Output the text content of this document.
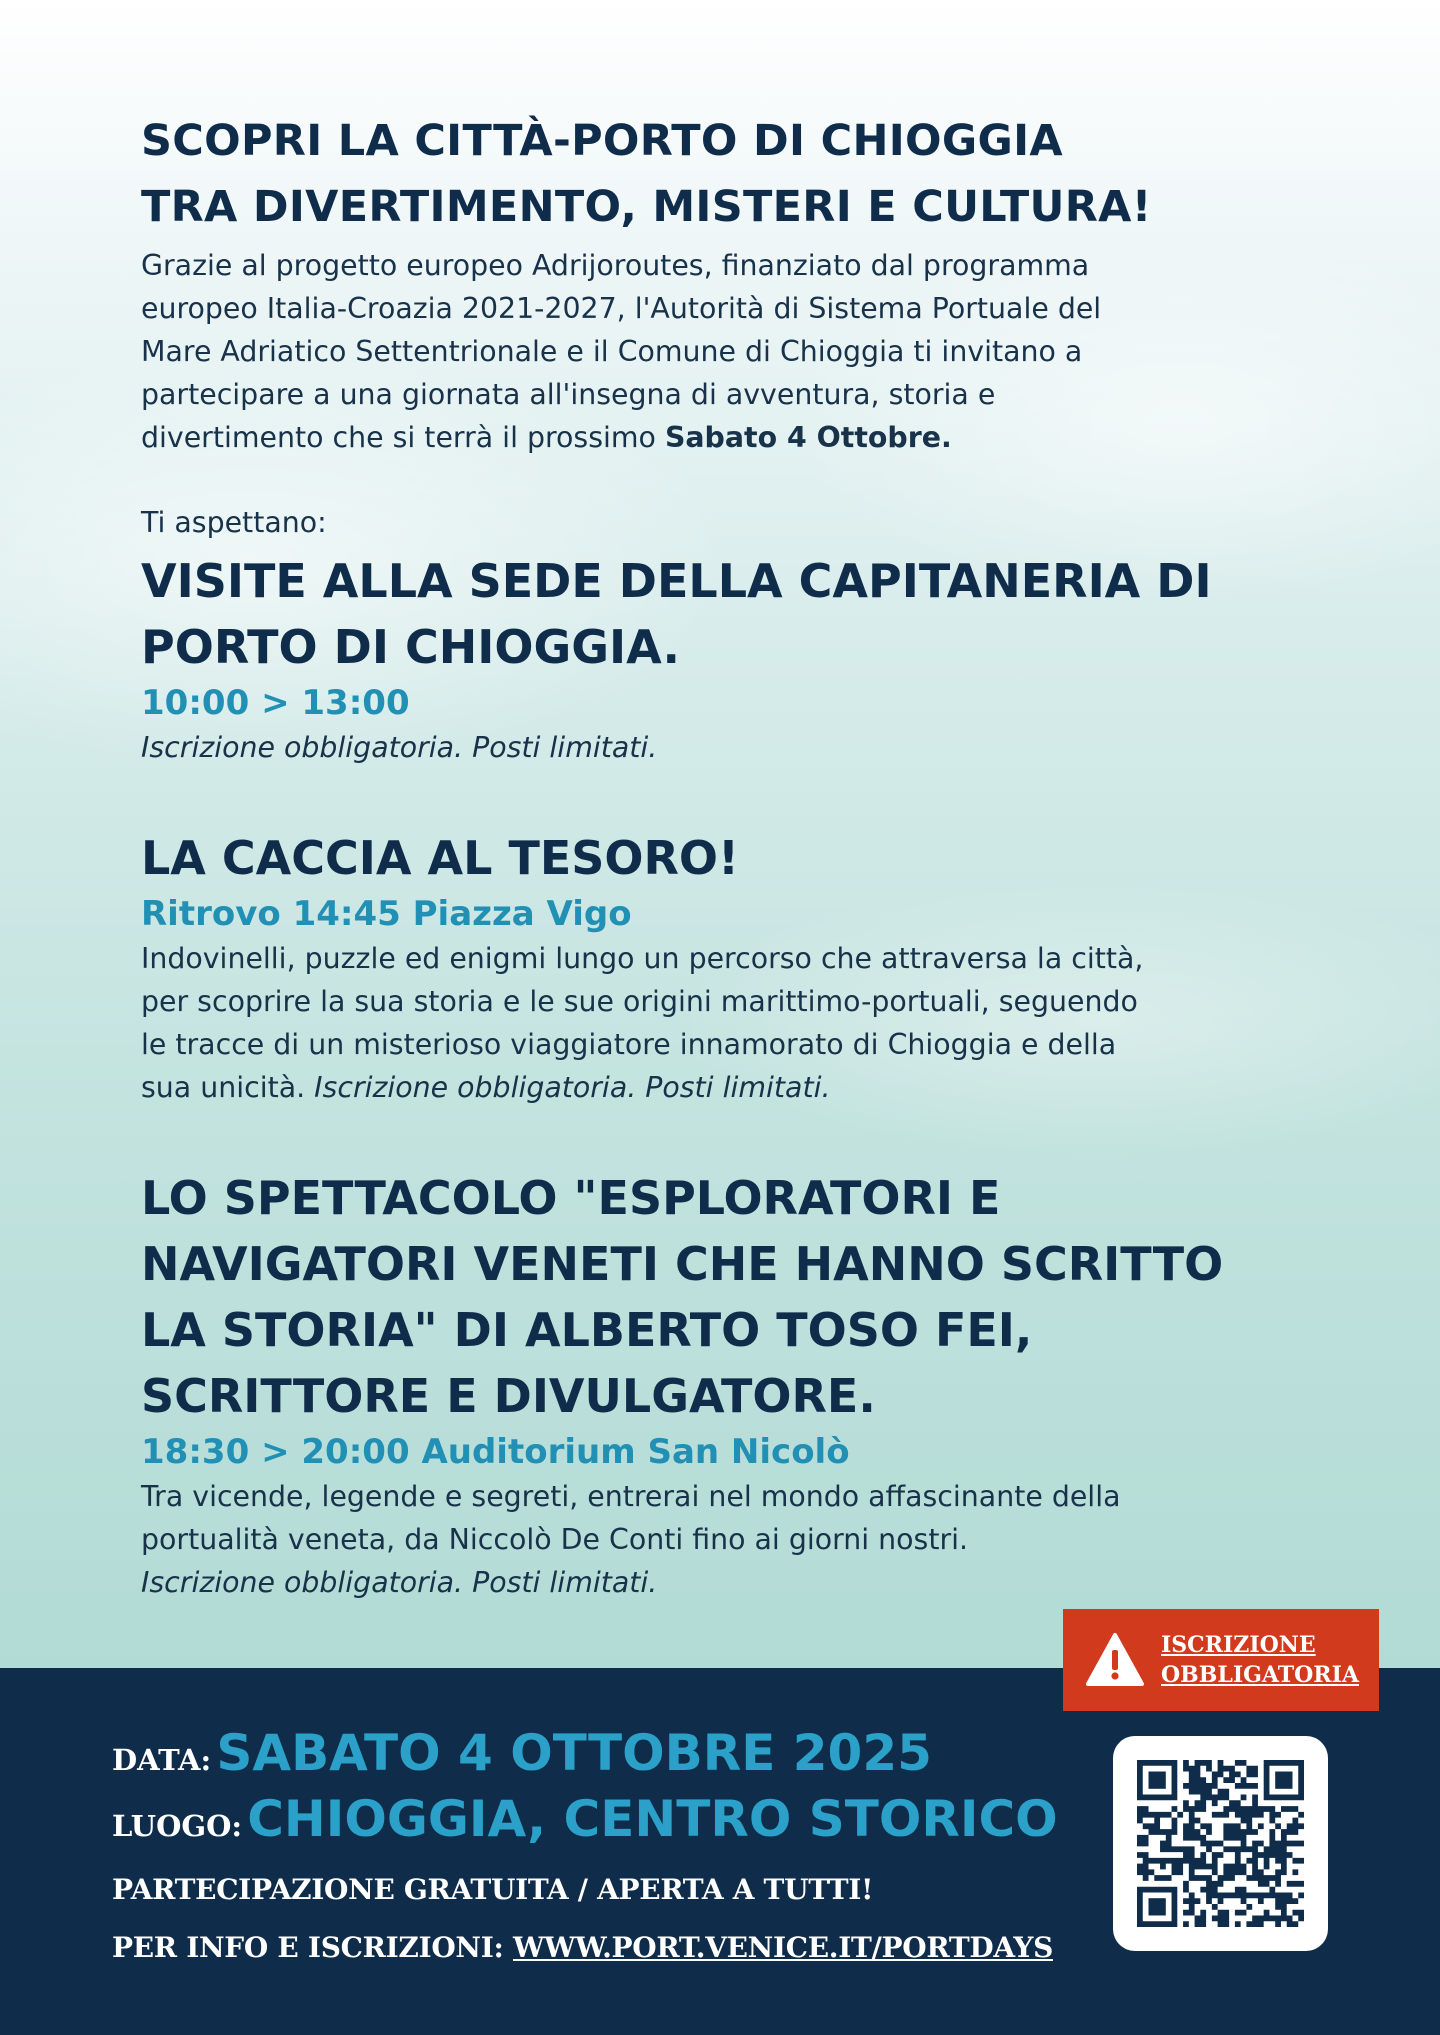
SCOPRI LA CITTÀ-PORTO DI CHIOGGIA
TRA DIVERTIMENTO, MISTERI E CULTURA!

Grazie al progetto europeo Adrijoroutes, finanziato dal programma
europeo Italia-Croazia 2021-2027, l'Autorità di Sistema Portuale del
Mare Adriatico Settentrionale e il Comune di Chioggia ti invitano a
partecipare a una giornata all'insegna di avventura, storia e
divertimento che si terrà il prossimo Sabato 4 Ottobre.

Ti aspettano:

VISITE ALLA SEDE DELLA CAPITANERIA DI
PORTO DI CHIOGGIA.
10:00 > 13:00
Iscrizione obbligatoria. Posti limitati.
LA CACCIA AL TESORO!
Ritrovo 14:45 Piazza Vigo
Indovinelli, puzzle ed enigmi lungo un percorso che attraversa la città,
per scoprire la sua storia e le sue origini marittimo-portuali, seguendo
le tracce di un misterioso viaggiatore innamorato di Chioggia e della
sua unicità. Iscrizione obbligatoria. Posti limitati.
LO SPETTACOLO "ESPLORATORI E
NAVIGATORI VENETI CHE HANNO SCRITTO
LA STORIA" DI ALBERTO TOSO FEI,
SCRITTORE E DIVULGATORE.
18:30 > 20:00 Auditorium San Nicolò
Tra vicende, legende e segreti, entrerai nel mondo affascinante della
portualità veneta, da Niccolò De Conti fino ai giorni nostri.
Iscrizione obbligatoria. Posti limitati.
ISCRIZIONE
OBBLIGATORIA
DATA: SABATO 4 OTTOBRE 2025
LUOGO: CHIOGGIA, CENTRO STORICO
PARTECIPAZIONE GRATUITA / APERTA A TUTTI!
PER INFO E ISCRIZIONI: WWW.PORT.VENICE.IT/PORTDAYS
